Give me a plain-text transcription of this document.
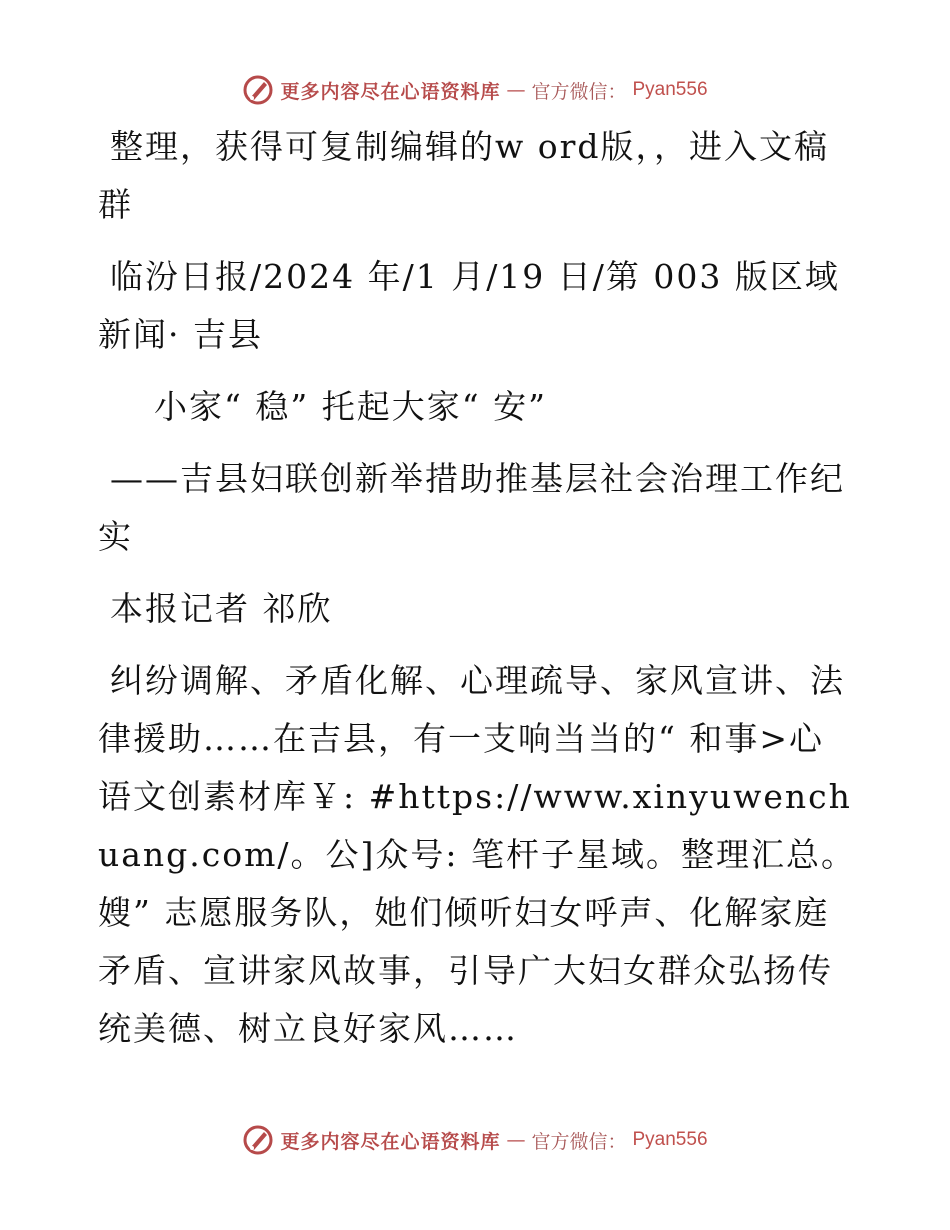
更多内容尽在心语资料库 — 官方微信： Pyan556

整理，获得可复制编辑的w ord版，，进入文稿群

临汾日报/2024 年/1 月/19 日/第 003 版区域新闻· 吉县

小家“ 稳” 托起大家“ 安”

——吉县妇联创新举措助推基层社会治理工作纪实

本报记者 祁欣

纠纷调解、矛盾化解、心理疏导、家风宣讲、法律援助……在吉县，有一支响当当的“ 和事>心语文创素材库￥: #https://www.xinyuwenchuang.com/。公]众号: 笔杆子星域。整理汇总。嫂” 志愿服务队，她们倾听妇女呼声、化解家庭矛盾、宣讲家风故事，引导广大妇女群众弘扬传统美德、树立良好家风……

更多内容尽在心语资料库 — 官方微信： Pyan556
